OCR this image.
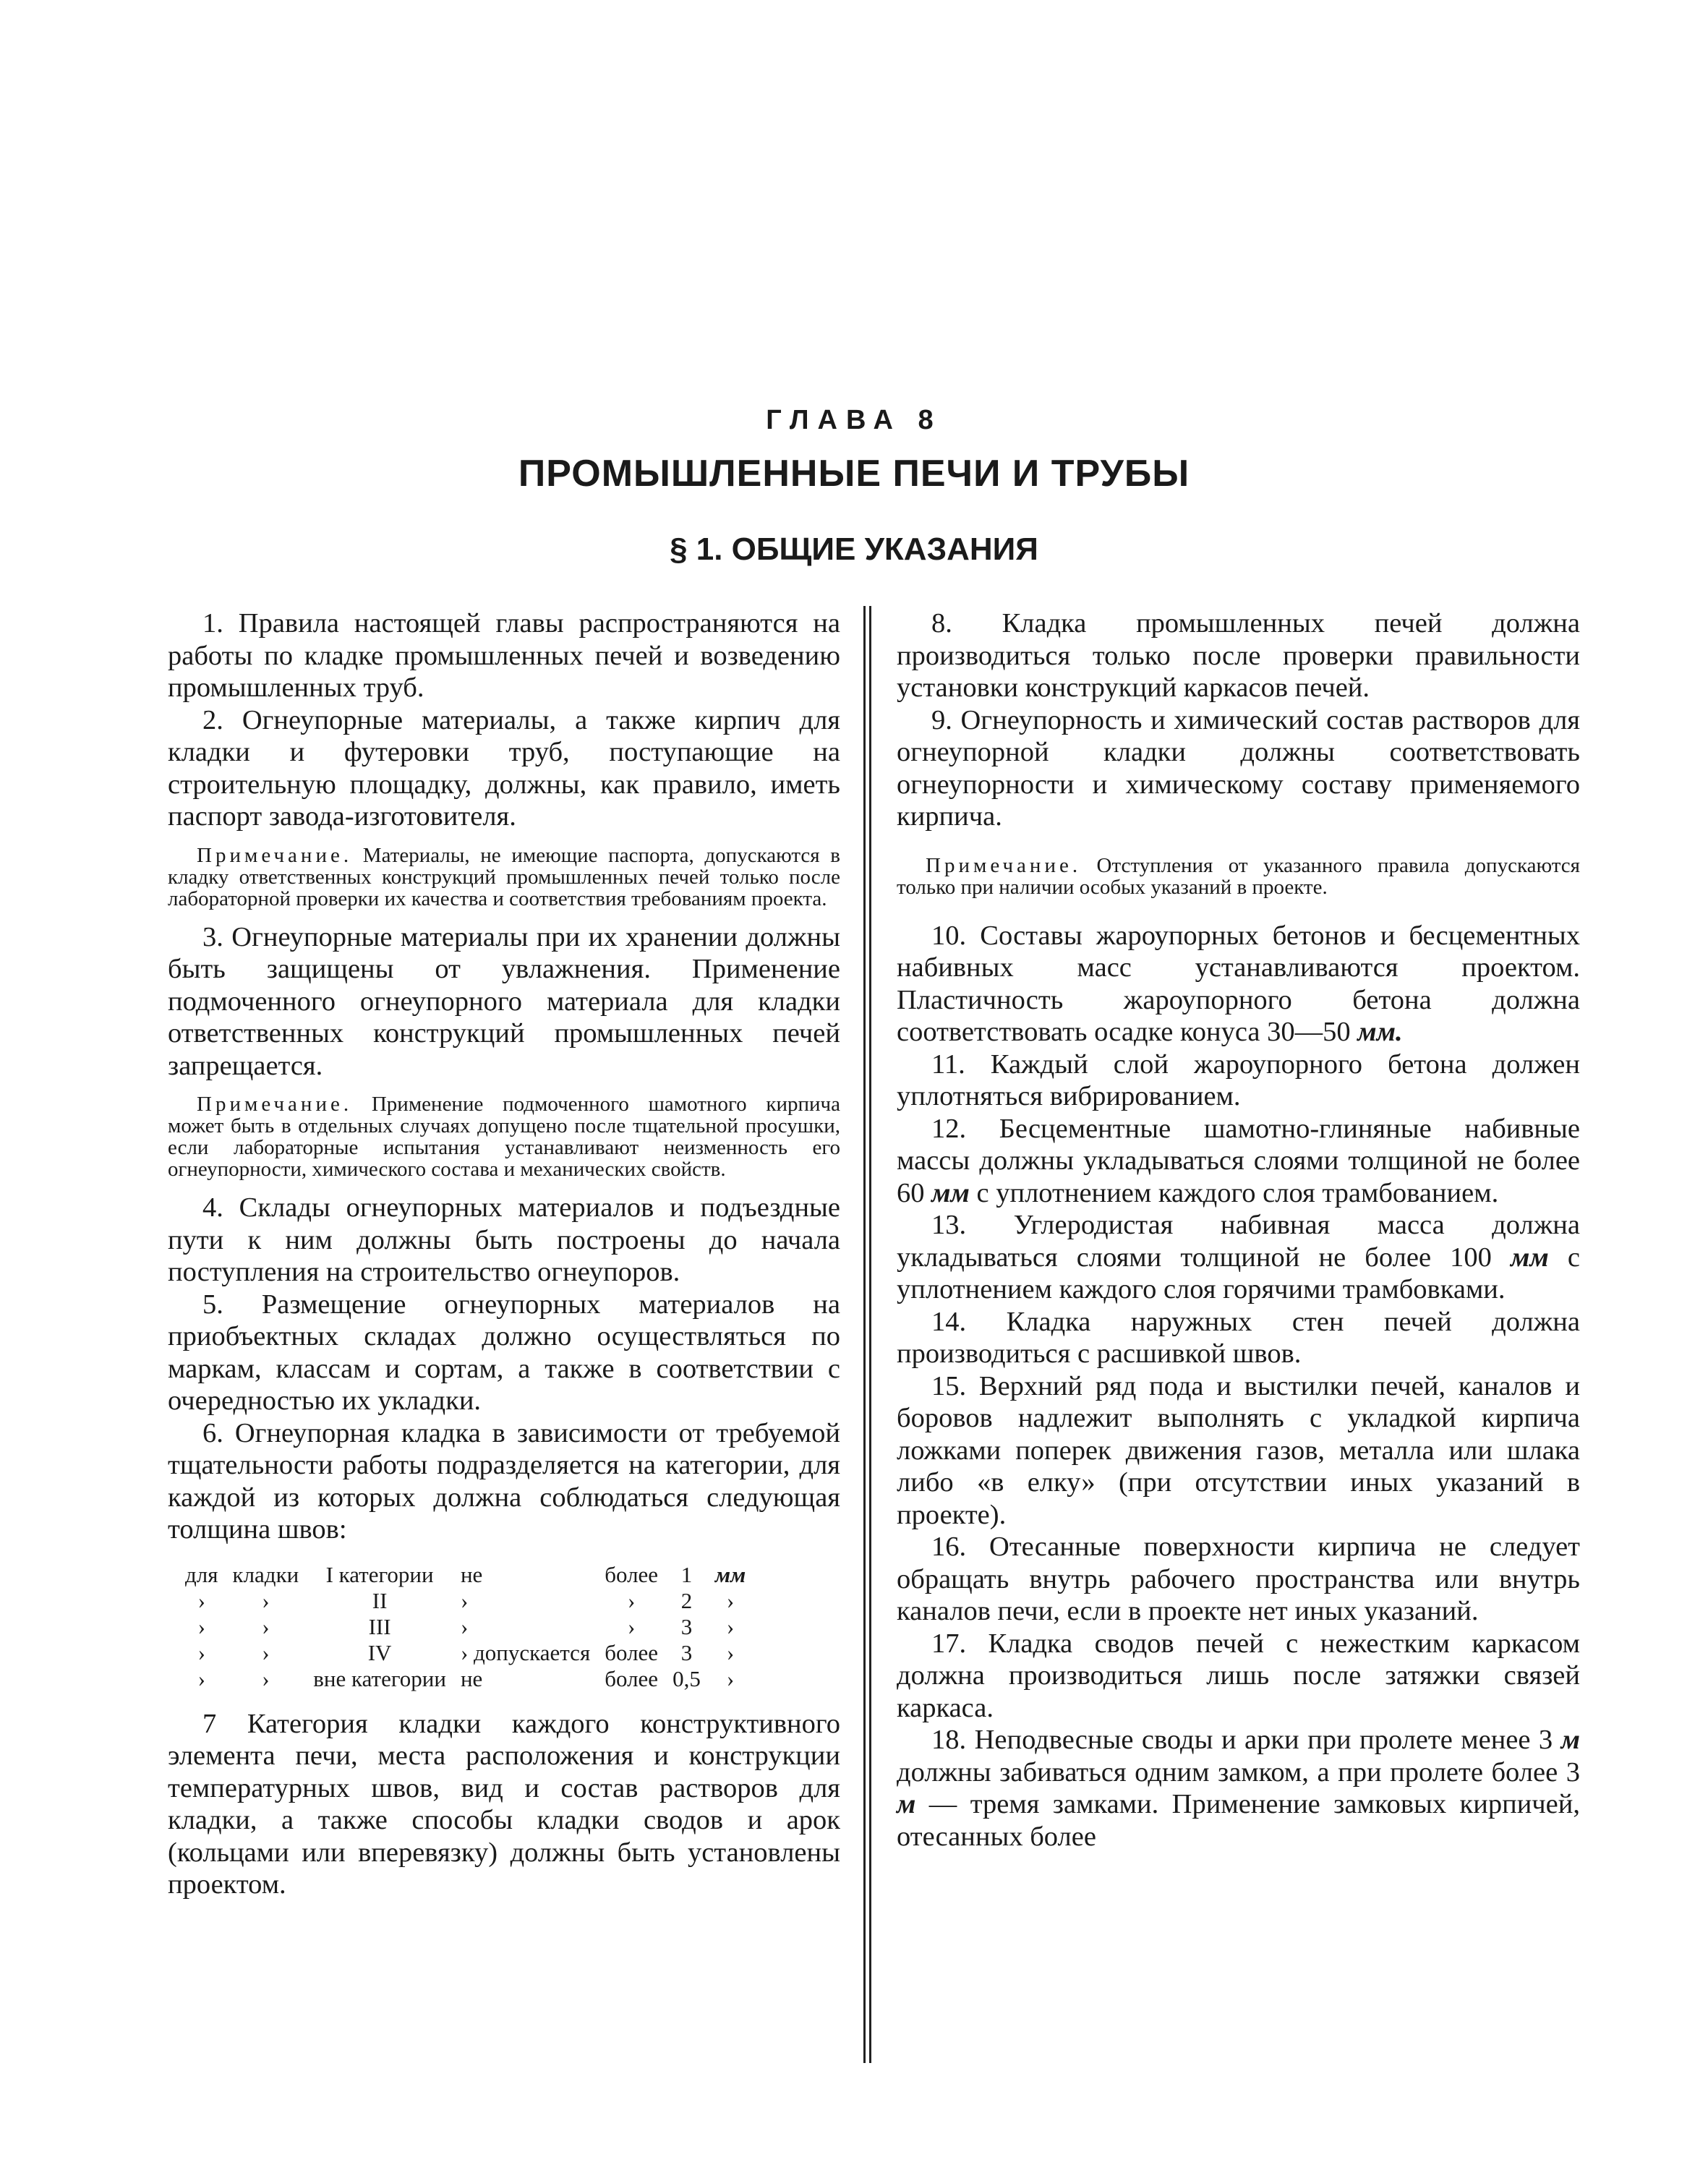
ГЛАВА 8
ПРОМЫШЛЕННЫЕ ПЕЧИ И ТРУБЫ
§ 1. ОБЩИЕ УКАЗАНИЯ

1. Правила настоящей главы распространяются на работы по кладке промышленных печей и возведению промышленных труб.

2. Огнеупорные материалы, а также кирпич для кладки и футеровки труб, поступающие на строительную площадку, должны, как правило, иметь паспорт завода-изготовителя.

Примечание. Материалы, не имеющие паспорта, допускаются в кладку ответственных конструкций промышленных печей только после лабораторной проверки их качества и соответствия требованиям проекта.

3. Огнеупорные материалы при их хранении должны быть защищены от увлажнения. Применение подмоченного огнеупорного материала для кладки ответственных конструкций промышленных печей запрещается.

Примечание. Применение подмоченного шамотного кирпича может быть в отдельных случаях допущено после тщательной просушки, если лабораторные испытания устанавливают неизменность его огнеупорности, химического состава и механических свойств.

4. Склады огнеупорных материалов и подъездные пути к ним должны быть построены до начала поступления на строительство огнеупоров.

5. Размещение огнеупорных материалов на приобъектных складах должно осуществляться по маркам, классам и сортам, а также в соответствии с очередностью их укладки.

6. Огнеупорная кладка в зависимости от требуемой тщательности работы подразделяется на категории, для каждой из которых должна соблюдаться следующая толщина швов:

для	кладки	I категории	не	более	1	мм
›	›	II	›	›	2	›
›	›	III	›	›	3	›
›	›	IV	› допускается	более	3	›
›	›	вне категории	не	более	0,5	›

7 Категория кладки каждого конструктивного элемента печи, места расположения и конструкции температурных швов, вид и состав растворов для кладки, а также способы кладки сводов и арок (кольцами или вперевязку) должны быть установлены проектом.

8. Кладка промышленных печей должна производиться только после проверки правильности установки конструкций каркасов печей.

9. Огнеупорность и химический состав растворов для огнеупорной кладки должны соответствовать огнеупорности и химическому составу применяемого кирпича.

Примечание. Отступления от указанного правила допускаются только при наличии особых указаний в проекте.

10. Составы жароупорных бетонов и бесцементных набивных масс устанавливаются проектом. Пластичность жароупорного бетона должна соответствовать осадке конуса 30—50 мм.

11. Каждый слой жароупорного бетона должен уплотняться вибрированием.

12. Бесцементные шамотно-глиняные набивные массы должны укладываться слоями толщиной не более 60 мм с уплотнением каждого слоя трамбованием.

13. Углеродистая набивная масса должна укладываться слоями толщиной не более 100 мм с уплотнением каждого слоя горячими трамбовками.

14. Кладка наружных стен печей должна производиться с расшивкой швов.

15. Верхний ряд пода и выстилки печей, каналов и боровов надлежит выполнять с укладкой кирпича ложками поперек движения газов, металла или шлака либо «в елку» (при отсутствии иных указаний в проекте).

16. Отесанные поверхности кирпича не следует обращать внутрь рабочего пространства или внутрь каналов печи, если в проекте нет иных указаний.

17. Кладка сводов печей с нежестким каркасом должна производиться лишь после затяжки связей каркаса.

18. Неподвесные своды и арки при пролете менее 3 м должны забиваться одним замком, а при пролете более 3 м — тремя замками. Применение замковых кирпичей, отесанных более
